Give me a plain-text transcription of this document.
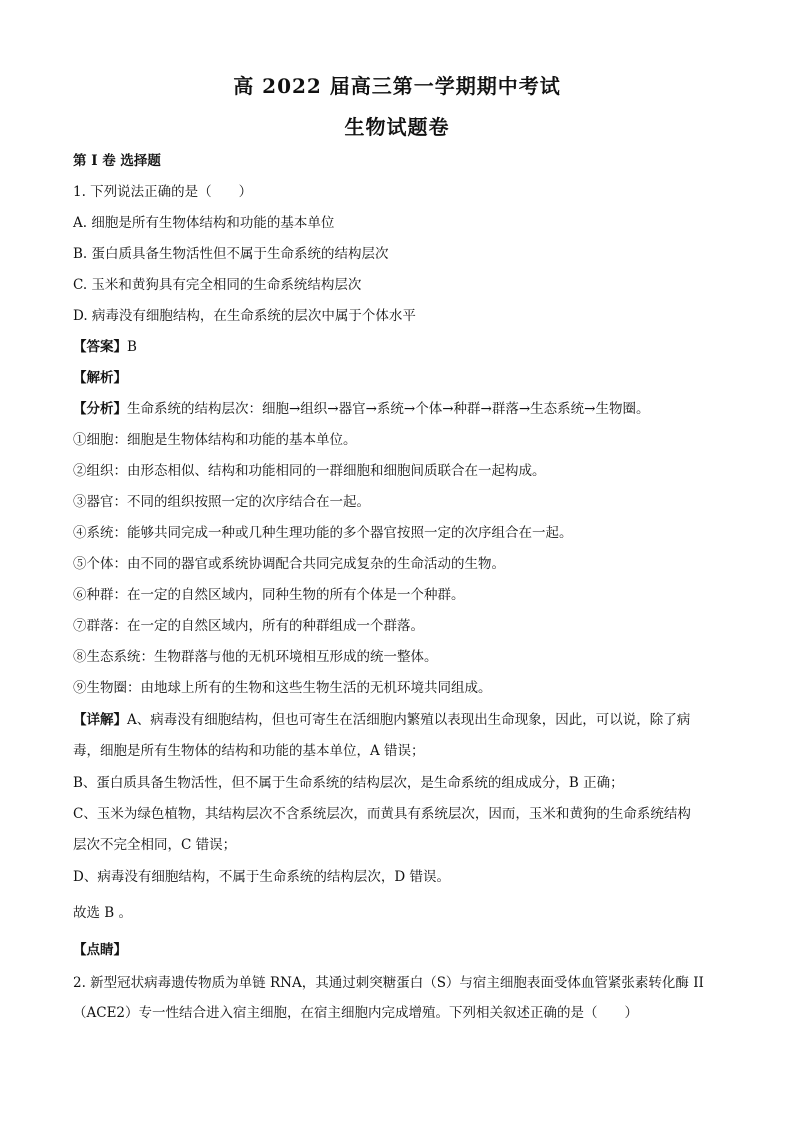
高 2022 届高三第一学期期中考试
生物试题卷
第 I 卷 选择题
1. 下列说法正确的是（　　）
A. 细胞是所有生物体结构和功能的基本单位
B. 蛋白质具备生物活性但不属于生命系统的结构层次
C. 玉米和黄狗具有完全相同的生命系统结构层次
D. 病毒没有细胞结构，在生命系统的层次中属于个体水平
【答案】B
【解析】
【分析】生命系统的结构层次：细胞→组织→器官→系统→个体→种群→群落→生态系统→生物圈。
①细胞：细胞是生物体结构和功能的基本单位。
②组织：由形态相似、结构和功能相同的一群细胞和细胞间质联合在一起构成。
③器官：不同的组织按照一定的次序结合在一起。
④系统：能够共同完成一种或几种生理功能的多个器官按照一定的次序组合在一起。
⑤个体：由不同的器官或系统协调配合共同完成复杂的生命活动的生物。
⑥种群：在一定的自然区域内，同种生物的所有个体是一个种群。
⑦群落：在一定的自然区域内，所有的种群组成一个群落。
⑧生态系统：生物群落与他的无机环境相互形成的统一整体。
⑨生物圈：由地球上所有的生物和这些生物生活的无机环境共同组成。
【详解】A、病毒没有细胞结构，但也可寄生在活细胞内繁殖以表现出生命现象，因此，可以说，除了病
毒，细胞是所有生物体的结构和功能的基本单位，A 错误；
B、蛋白质具备生物活性，但不属于生命系统的结构层次，是生命系统的组成成分，B 正确；
C、玉米为绿色植物，其结构层次不含系统层次，而黄具有系统层次，因而，玉米和黄狗的生命系统结构
层次不完全相同，C 错误；
D、病毒没有细胞结构，不属于生命系统的结构层次，D 错误。
故选 B 。
【点睛】
2. 新型冠状病毒遗传物质为单链 RNA，其通过刺突糖蛋白（S）与宿主细胞表面受体血管紧张素转化酶 II
（ACE2）专一性结合进入宿主细胞，在宿主细胞内完成增殖。下列相关叙述正确的是（　　）
